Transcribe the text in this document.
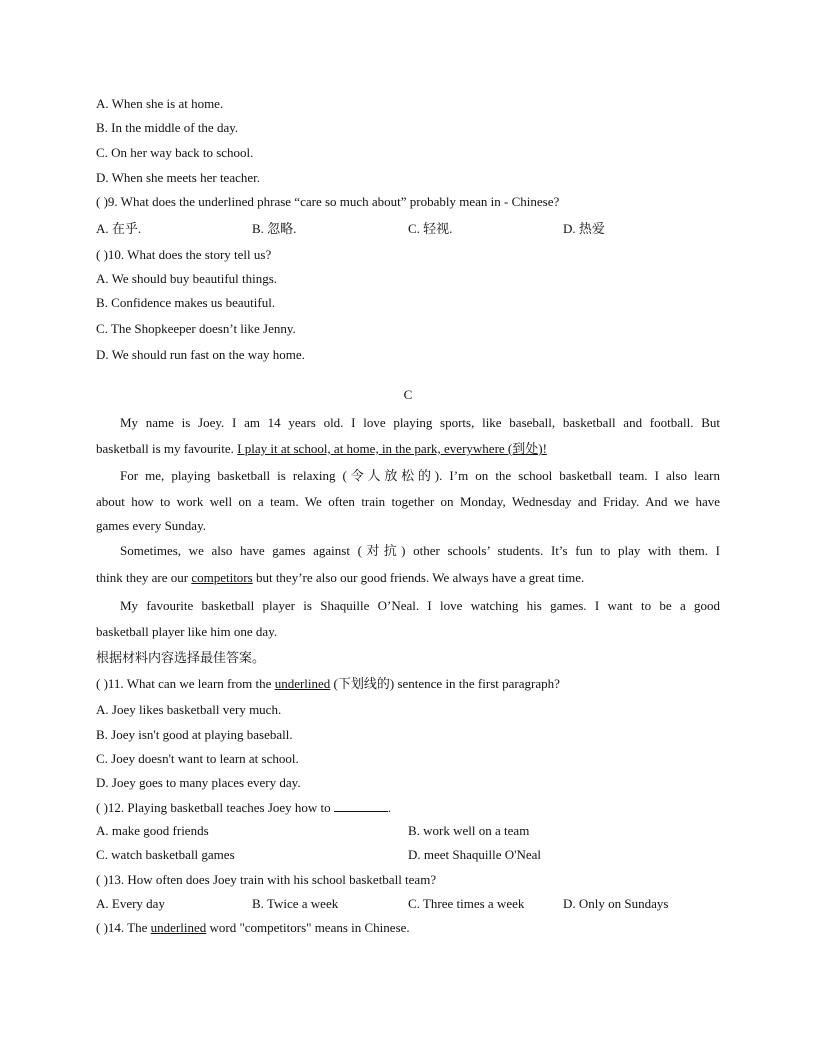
A. When she is at home.
B. In the middle of the day.
C. On her way back to school.
D. When she meets her teacher.
( )9. What does the underlined phrase “care so much about” probably mean in - Chinese?
A. 在乎.	B. 忽略.	C. 轻视.	D. 热爱
( )10. What does the story tell us?
A. We should buy beautiful things.
B. Confidence makes us beautiful.
C. The Shopkeeper doesn’t like Jenny.
D. We should run fast on the way home.
C
My name is Joey. I am 14 years old. I love playing sports, like baseball, basketball and football. But
basketball is my favourite. I play it at school, at home, in the park, everywhere (到处)!
For me, playing basketball is relaxing (令人放松的). I’m on the school basketball team. I also learn
about how to work well on a team. We often train together on Monday, Wednesday and Friday. And we have
games every Sunday.
Sometimes, we also have games against (对抗) other schools’ students. It’s fun to play with them. I
think they are our competitors but they’re also our good friends. We always have a great time.
My favourite basketball player is Shaquille O’Neal. I love watching his games. I want to be a good
basketball player like him one day.
根据材料内容选择最佳答案。
( )11. What can we learn from the underlined (下划线的) sentence in the first paragraph?
A. Joey likes basketball very much.
B. Joey isn't good at playing baseball.
C. Joey doesn't want to learn at school.
D. Joey goes to many places every day.
( )12. Playing basketball teaches Joey how to	.
A. make good friends	B. work well on a team
C. watch basketball games	D. meet Shaquille O'Neal
( )13. How often does Joey train with his school basketball team?
A. Every day	B. Twice a week	C. Three times a week	D. Only on Sundays
( )14. The underlined word "competitors" means in Chinese.
